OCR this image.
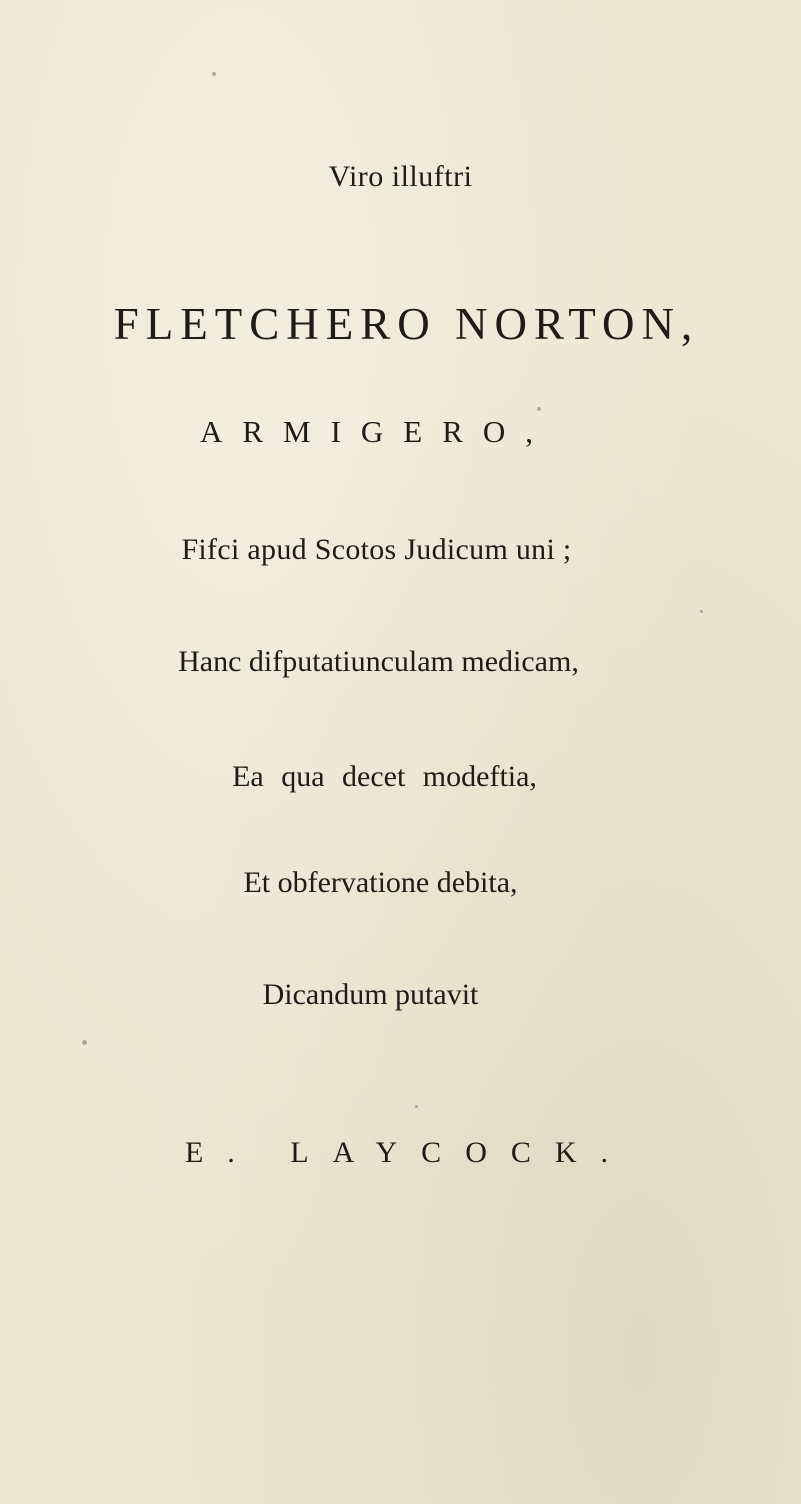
Viro illuftri
FLETCHERO NORTON,
ARMIGERO,
Fifci apud Scotos Judicum uni ;
Hanc difputatiunculam medicam,
Ea qua decet modeftia,
Et obfervatione debita,
Dicandum putavit
E. LAYCOCK.
